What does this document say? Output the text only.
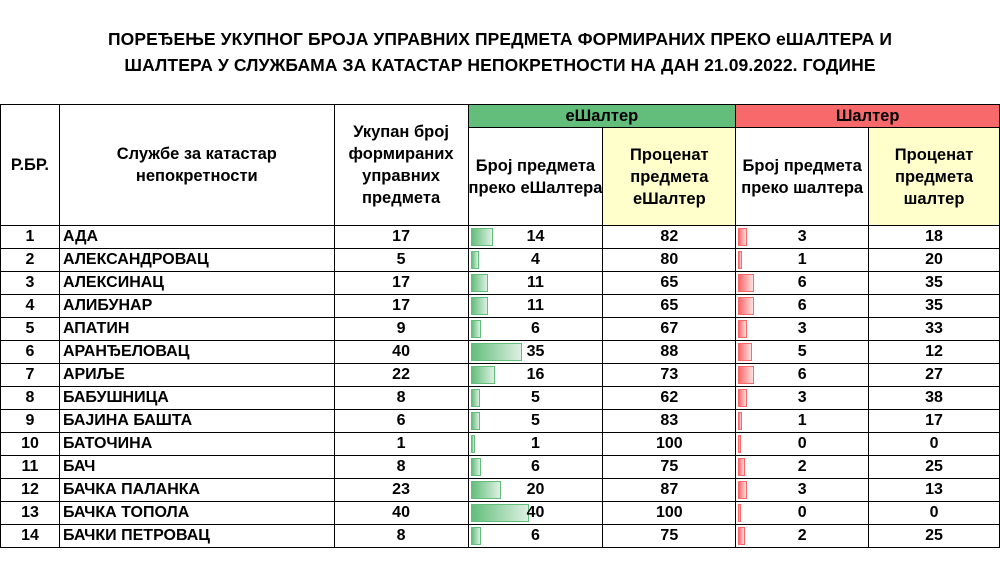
ПОРЕЂЕЊЕ УКУПНОГ БРОЈА УПРАВНИХ ПРЕДМЕТА ФОРМИРАНИХ ПРЕКО еШАЛТЕРА И
ШАЛТЕРА У СЛУЖБАМА ЗА КАТАСТАР НЕПОКРЕТНОСТИ НА ДАН 21.09.2022. ГОДИНЕ
Р.БР.	Службе за катастар непокретности	Укупан број формираних управних предмета	еШалтер		Шалтер	
			Број предмета преко еШалтера	Проценат предмета еШалтер	Број предмета преко шалтера	Проценат предмета шалтер
1	АДА	17	14	82	3	18
2	АЛЕКСАНДРОВАЦ	5	4	80	1	20
3	АЛЕКСИНАЦ	17	11	65	6	35
4	АЛИБУНАР	17	11	65	6	35
5	АПАТИН	9	6	67	3	33
6	АРАНЂЕЛОВАЦ	40	35	88	5	12
7	АРИЉЕ	22	16	73	6	27
8	БАБУШНИЦА	8	5	62	3	38
9	БАЈИНА БАШТА	6	5	83	1	17
10	БАТОЧИНА	1	1	100	0	0
11	БАЧ	8	6	75	2	25
12	БАЧКА ПАЛАНКА	23	20	87	3	13
13	БАЧКА ТОПОЛА	40	40	100	0	0
14	БАЧКИ ПЕТРОВАЦ	8	6	75	2	25
